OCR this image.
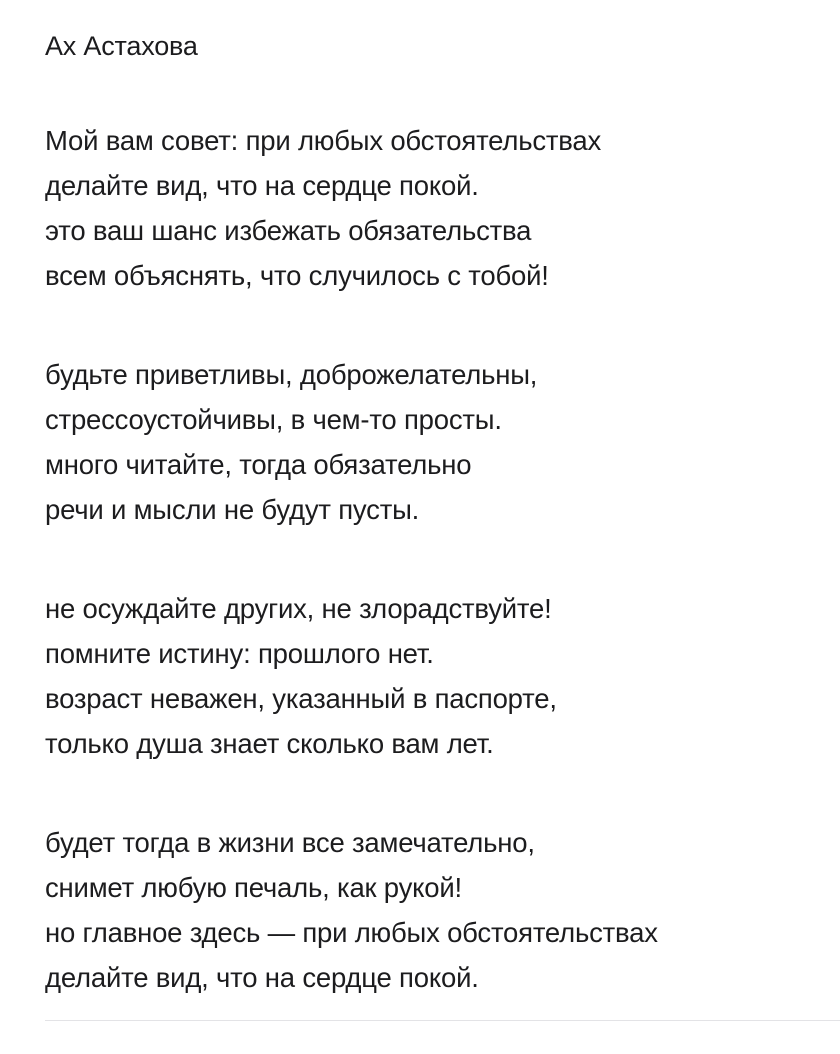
Ах Астахова
Мой вам совет: при любых обстоятельствах
делайте вид, что на сердце покой.
это ваш шанс избежать обязательства
всем объяснять, что случилось с тобой!
будьте приветливы, доброжелательны,
стрессоустойчивы, в чем-то просты.
много читайте, тогда обязательно
речи и мысли не будут пусты.
не осуждайте других, не злорадствуйте!
помните истину: прошлого нет.
возраст неважен, указанный в паспорте,
только душа знает сколько вам лет.
будет тогда в жизни все замечательно,
снимет любую печаль, как рукой!
но главное здесь — при любых обстоятельствах
делайте вид, что на сердце покой.
